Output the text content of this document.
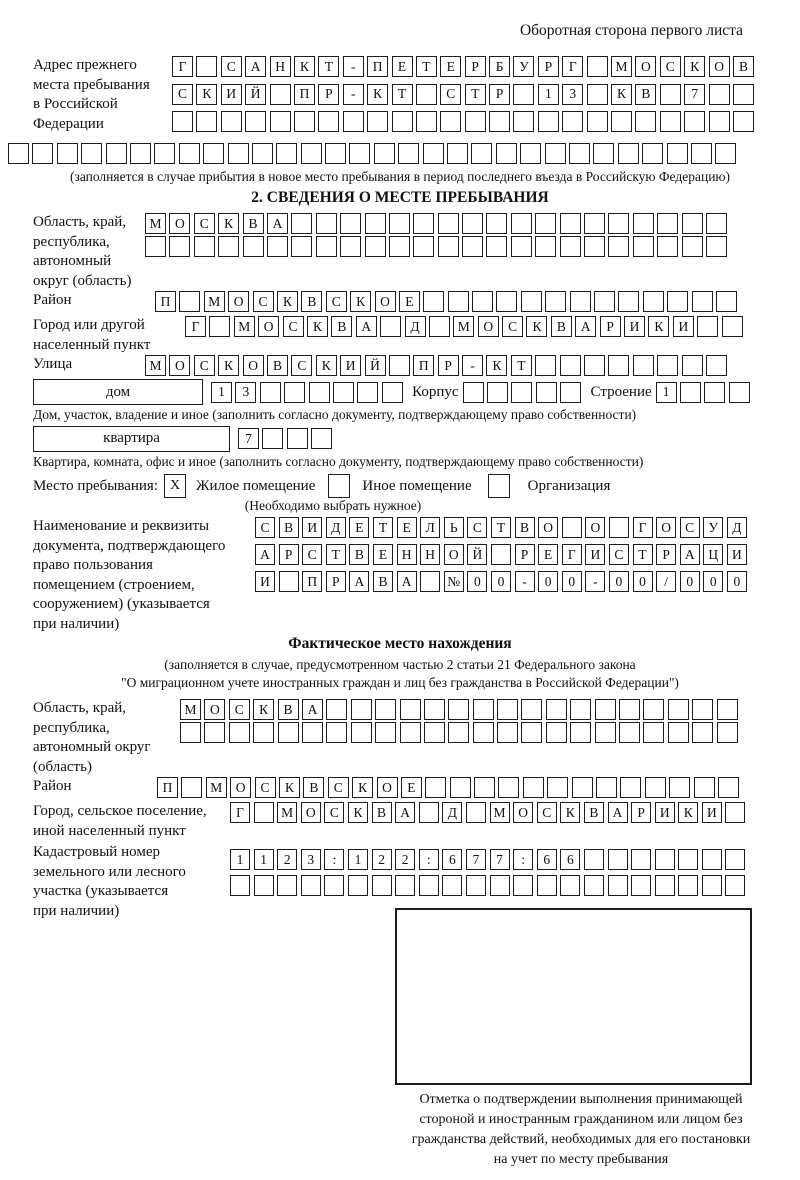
Оборотная сторона первого листа
Адрес прежнего
места пребывания
в Российской
Федерации
Г	С	А	Н	К	Т	-	П	Е	Т	Е	Р	Б	У	Р	Г	М	О	С	К	О	В
С	К	И	Й	П	Р	-	К	Т	С	Т	Р	1	3	К	В	7
(заполняется в случае прибытия в новое место пребывания в период последнего въезда в Российскую Федерацию)
2. СВЕДЕНИЯ О МЕСТЕ ПРЕБЫВАНИЯ
Область, край,
республика,
автономный
округ (область)
М	О	С	К	В	А
Район	П	М	О	С	К	В	С	К	О	Е
Город или другой
населенный пункт
Г	М	О	С	К	В	А	Д	М	О	С	К	В	А	Р	И	К	И
Улица	М	О	С	К	О	В	С	К	И	Й	П	Р	-	К	Т
дом	1	3	Корпус	Строение 1
Дом, участок, владение и иное (заполнить согласно документу, подтверждающему право собственности)
квартира	7
Квартира, комната, офис и иное (заполнить согласно документу, подтверждающему право собственности)
Место пребывания: X	Жилое помещение	Иное помещение	Организация
(Необходимо выбрать нужное)
Наименование и реквизиты
документа, подтверждающего
право пользования
помещением (строением,
сооружением) (указывается
при наличии)
С	В	И	Д	Е	Т	Е	Л	Ь	С	Т	В	О	О	Г	О	С	У	Д
А	Р	С	Т	В	Е	Н	Н	О	Й	Р	Е	Г	И	С	Т	Р	А	Ц	И
И	П	Р	А	В	А	№	0	0	-	0	0	-	0	0	/	0	0	0
Фактическое место нахождения
(заполняется в случае, предусмотренном частью 2 статьи 21 Федерального закона
"О миграционном учете иностранных граждан и лиц без гражданства в Российской Федерации")
Область, край,
республика,
автономный округ
(область)
М	О	С	К	В	А
Район	П	М	О	С	К	В	С	К	О	Е
Город, сельское поселение,
иной населенный пункт
Г	М О	С	К	В	А	Д	М О	С	К	В	А	Р	И	К	И
Кадастровый номер
земельного или лесного
участка (указывается
при наличии)
1	1	2	3	:	1	2	2	:	6	7	7	:	6	6
Отметка о подтверждении выполнения принимающей
стороной и иностранным гражданином или лицом без
гражданства действий, необходимых для его постановки
на учет по месту пребывания
